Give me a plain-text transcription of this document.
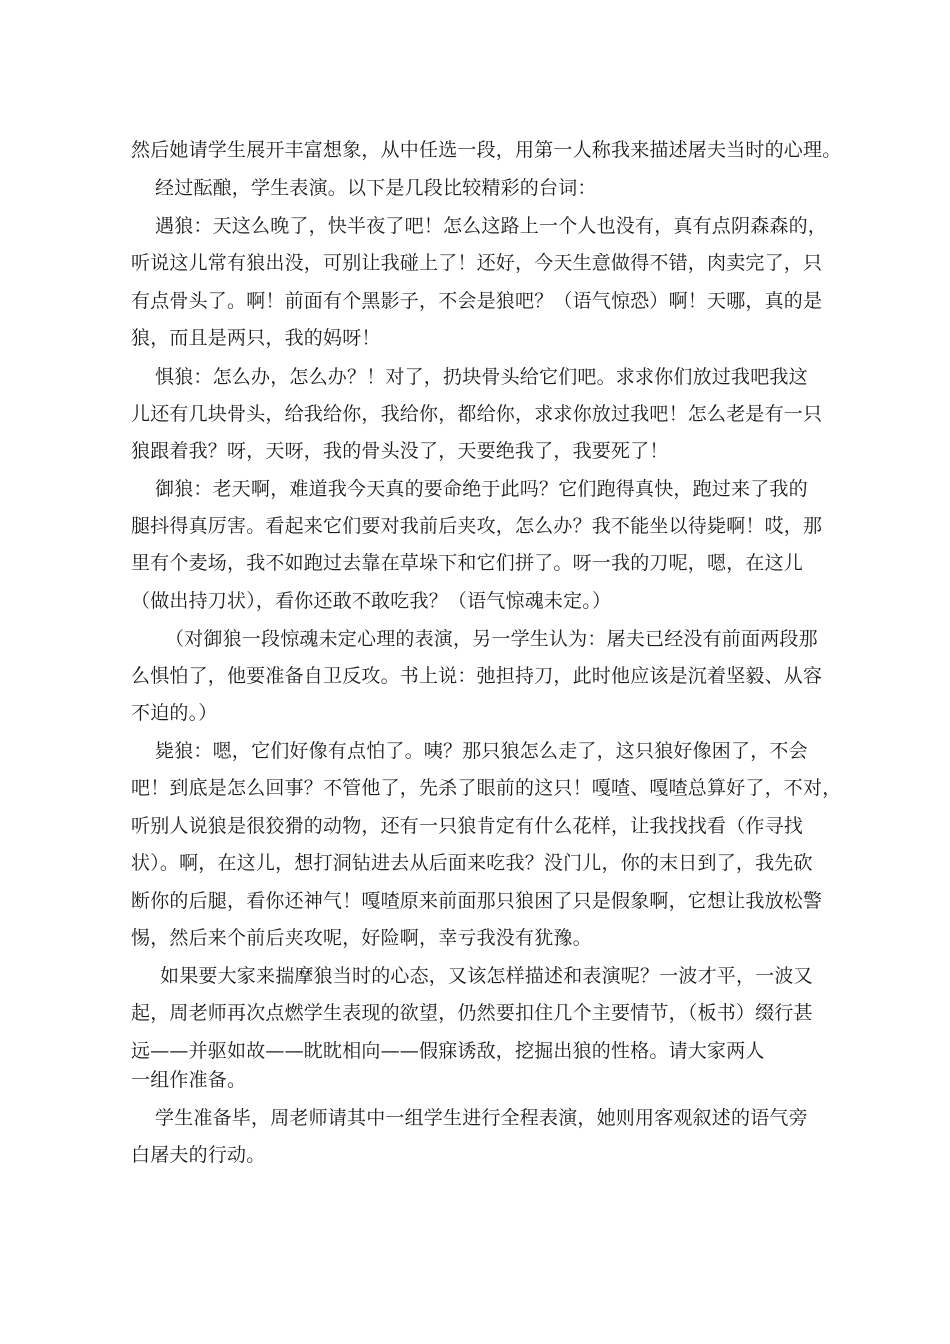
然后她请学生展开丰富想象，从中任选一段，用第一人称我来描述屠夫当时的心理。
经过酝酿，学生表演。以下是几段比较精彩的台词：
遇狼：天这么晚了，快半夜了吧！怎么这路上一个人也没有，真有点阴森森的，
听说这儿常有狼出没，可别让我碰上了！还好，今天生意做得不错，肉卖完了，只
有点骨头了。啊！前面有个黑影子，不会是狼吧？（语气惊恐）啊！天哪，真的是
狼，而且是两只，我的妈呀！
惧狼：怎么办，怎么办？！对了，扔块骨头给它们吧。求求你们放过我吧我这
儿还有几块骨头，给我给你，我给你，都给你，求求你放过我吧！怎么老是有一只
狼跟着我？呀，天呀，我的骨头没了，天要绝我了，我要死了！
御狼：老天啊，难道我今天真的要命绝于此吗？它们跑得真快，跑过来了我的
腿抖得真厉害。看起来它们要对我前后夹攻，怎么办？我不能坐以待毙啊！哎，那
里有个麦场，我不如跑过去靠在草垛下和它们拼了。呀一我的刀呢，嗯，在这儿
（做出持刀状），看你还敢不敢吃我？（语气惊魂未定。）
（对御狼一段惊魂未定心理的表演，另一学生认为：屠夫已经没有前面两段那
么惧怕了，他要准备自卫反攻。书上说：弛担持刀，此时他应该是沉着坚毅、从容
不迫的。）
毙狼：嗯，它们好像有点怕了。咦？那只狼怎么走了，这只狼好像困了，不会
吧！到底是怎么回事？不管他了，先杀了眼前的这只！嘎喳、嘎喳总算好了，不对，
听别人说狼是很狡猾的动物，还有一只狼肯定有什么花样，让我找找看（作寻找
状）。啊，在这儿，想打洞钻进去从后面来吃我？没门儿，你的末日到了，我先砍
断你的后腿，看你还神气！嘎喳原来前面那只狼困了只是假象啊，它想让我放松警
惕，然后来个前后夹攻呢，好险啊，幸亏我没有犹豫。
如果要大家来揣摩狼当时的心态，又该怎样描述和表演呢？一波才平，一波又
起，周老师再次点燃学生表现的欲望，仍然要扣住几个主要情节，（板书）缀行甚
远——并驱如故——眈眈相向——假寐诱敌，挖掘出狼的性格。请大家两人
一组作准备。
学生准备毕，周老师请其中一组学生进行全程表演，她则用客观叙述的语气旁
白屠夫的行动。
